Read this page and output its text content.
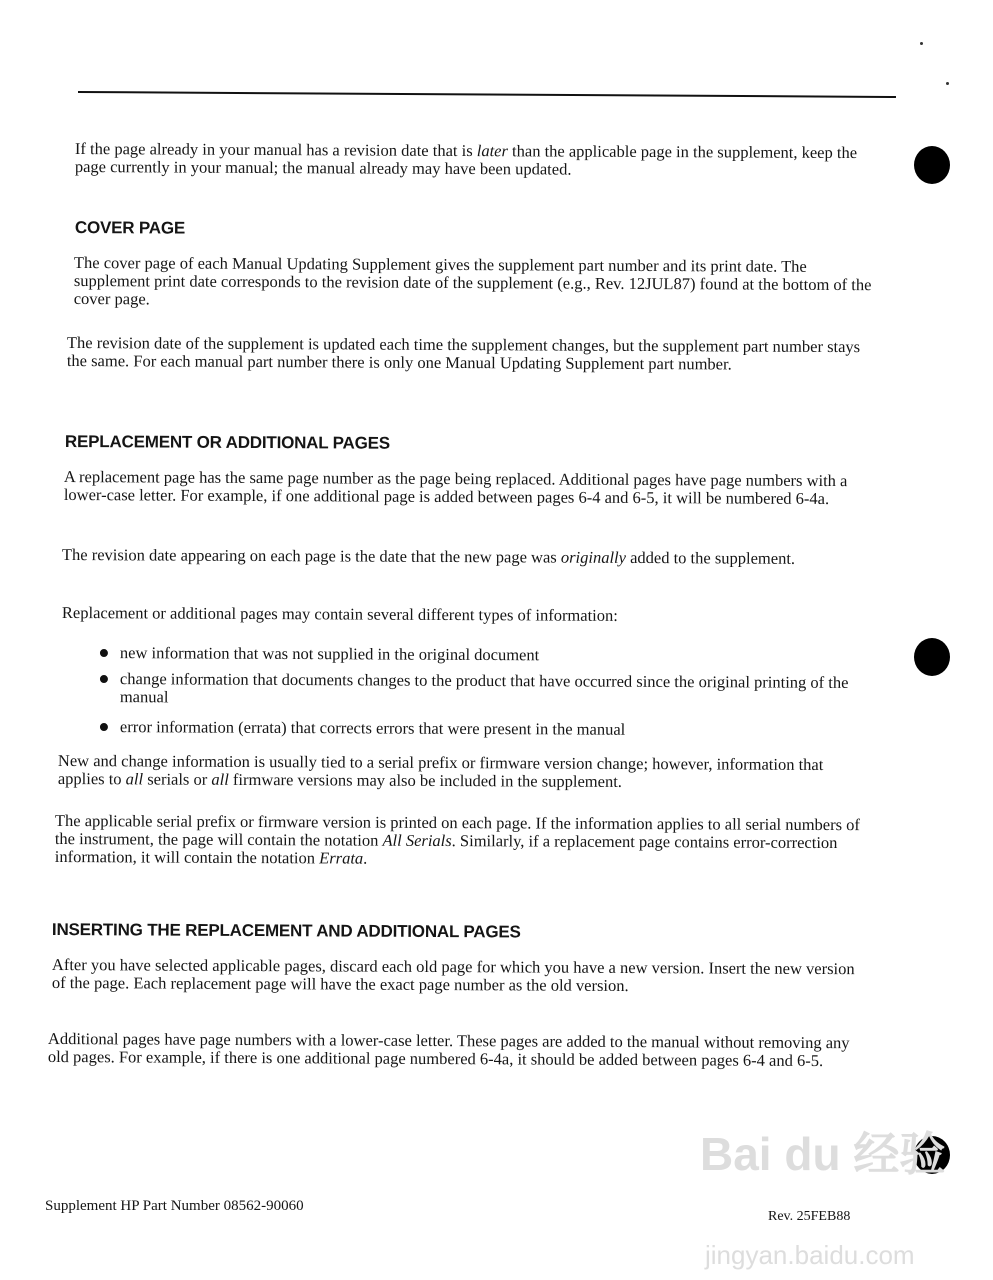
If the page already in your manual has a revision date that is later than the applicable page in the supplement, keep the page currently in your manual; the manual already may have been updated.

COVER PAGE

The cover page of each Manual Updating Supplement gives the supplement part number and its print date. The supplement print date corresponds to the revision date of the supplement (e.g., Rev. 12JUL87) found at the bottom of the cover page.

The revision date of the supplement is updated each time the supplement changes, but the supplement part number stays the same. For each manual part number there is only one Manual Updating Supplement part number.

REPLACEMENT OR ADDITIONAL PAGES

A replacement page has the same page number as the page being replaced. Additional pages have page numbers with a lower-case letter. For example, if one additional page is added between pages 6-4 and 6-5, it will be numbered 6-4a.

The revision date appearing on each page is the date that the new page was originally added to the supplement.

Replacement or additional pages may contain several different types of information:

new information that was not supplied in the original document
change information that documents changes to the product that have occurred since the original printing of the manual
error information (errata) that corrects errors that were present in the manual

New and change information is usually tied to a serial prefix or firmware version change; however, information that applies to all serials or all firmware versions may also be included in the supplement.

The applicable serial prefix or firmware version is printed on each page. If the information applies to all serial numbers of the instrument, the page will contain the notation All Serials. Similarly, if a replacement page contains error-correction information, it will contain the notation Errata.

INSERTING THE REPLACEMENT AND ADDITIONAL PAGES

After you have selected applicable pages, discard each old page for which you have a new version. Insert the new version of the page. Each replacement page will have the exact page number as the old version.

Additional pages have page numbers with a lower-case letter. These pages are added to the manual without removing any old pages. For example, if there is one additional page numbered 6-4a, it should be added between pages 6-4 and 6-5.

Bai du 经验
jingyan.baidu.com
Supplement HP Part Number 08562-90060
Rev. 25FEB88
